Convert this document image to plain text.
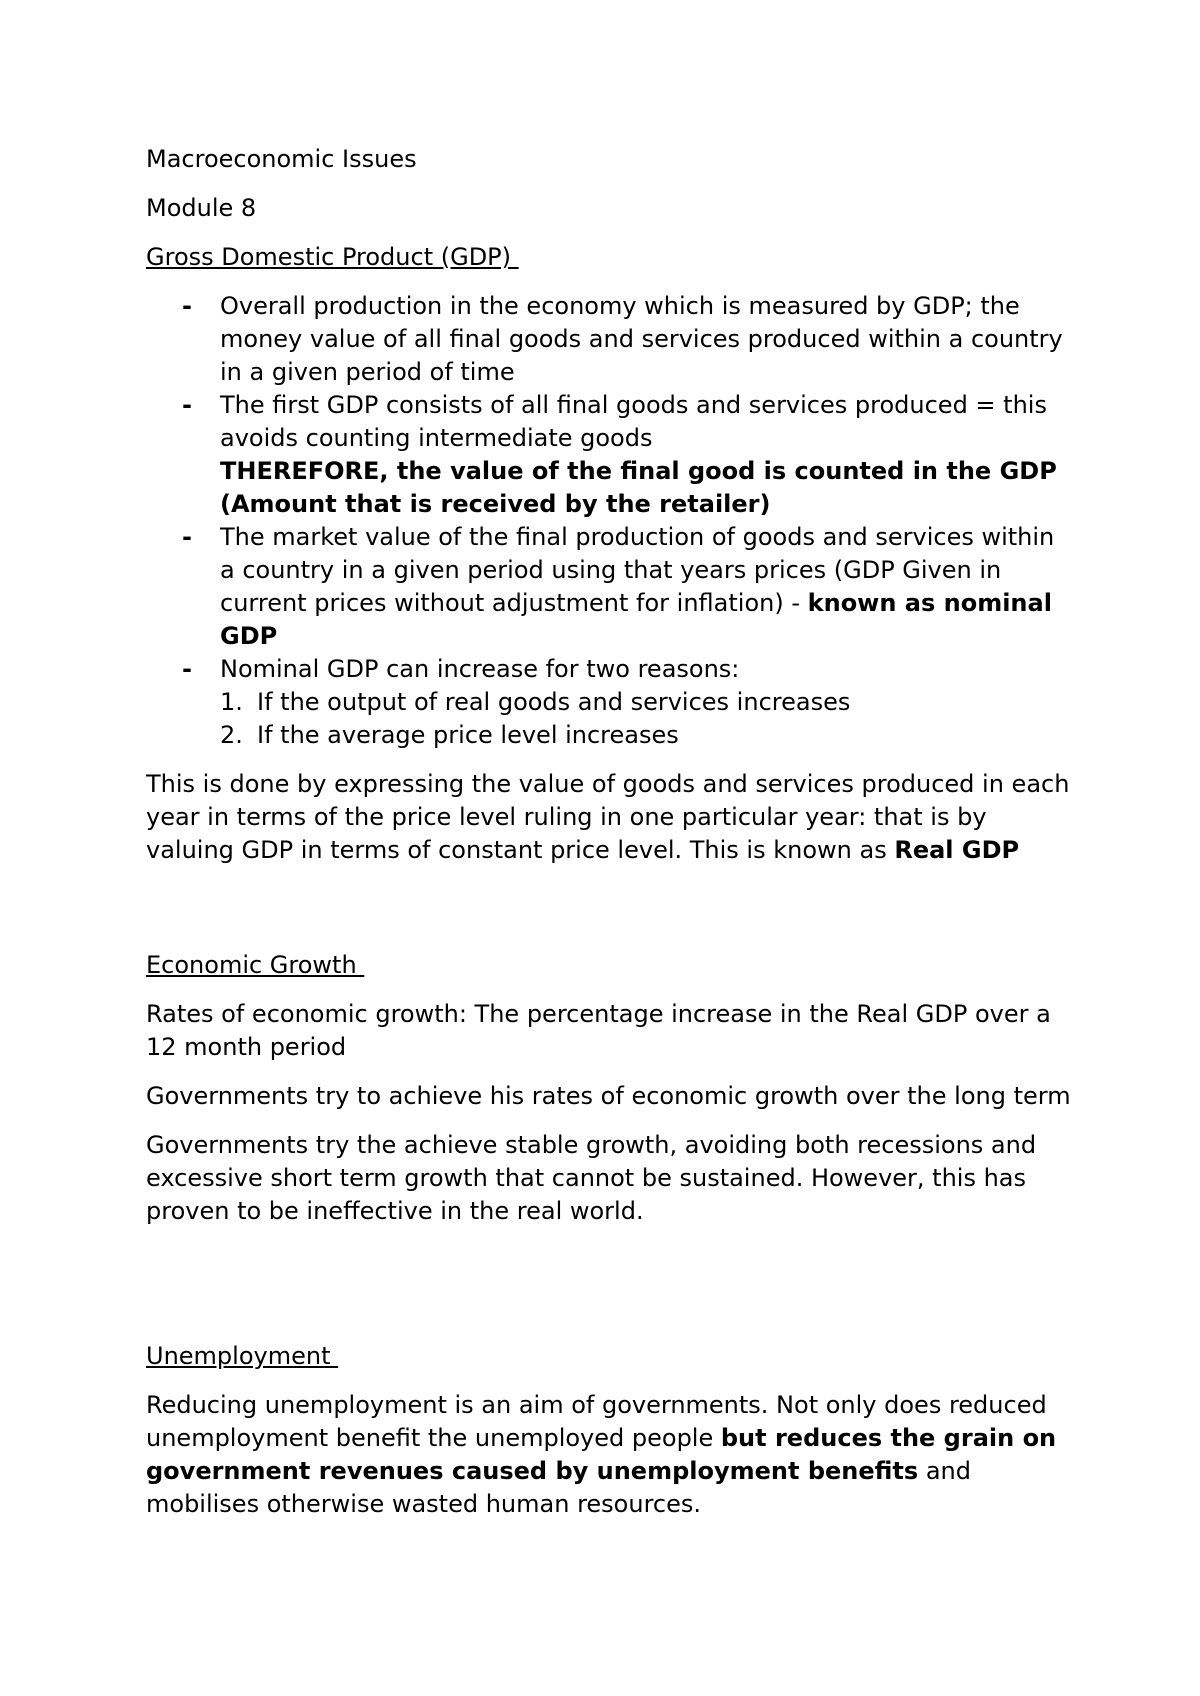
Macroeconomic Issues

Module 8

Gross Domestic Product (GDP)

- Overall production in the economy which is measured by GDP; the money value of all final goods and services produced within a country in a given period of time
- The first GDP consists of all final goods and services produced = this avoids counting intermediate goods
THEREFORE, the value of the final good is counted in the GDP (Amount that is received by the retailer)
- The market value of the final production of goods and services within a country in a given period using that years prices (GDP Given in current prices without adjustment for inflation) - known as nominal GDP
- Nominal GDP can increase for two reasons:
1. If the output of real goods and services increases
2. If the average price level increases

This is done by expressing the value of goods and services produced in each year in terms of the price level ruling in one particular year: that is by valuing GDP in terms of constant price level. This is known as Real GDP

Economic Growth

Rates of economic growth: The percentage increase in the Real GDP over a 12 month period

Governments try to achieve his rates of economic growth over the long term

Governments try the achieve stable growth, avoiding both recessions and excessive short term growth that cannot be sustained. However, this has proven to be ineffective in the real world.

Unemployment

Reducing unemployment is an aim of governments. Not only does reduced unemployment benefit the unemployed people but reduces the grain on government revenues caused by unemployment benefits and mobilises otherwise wasted human resources.
